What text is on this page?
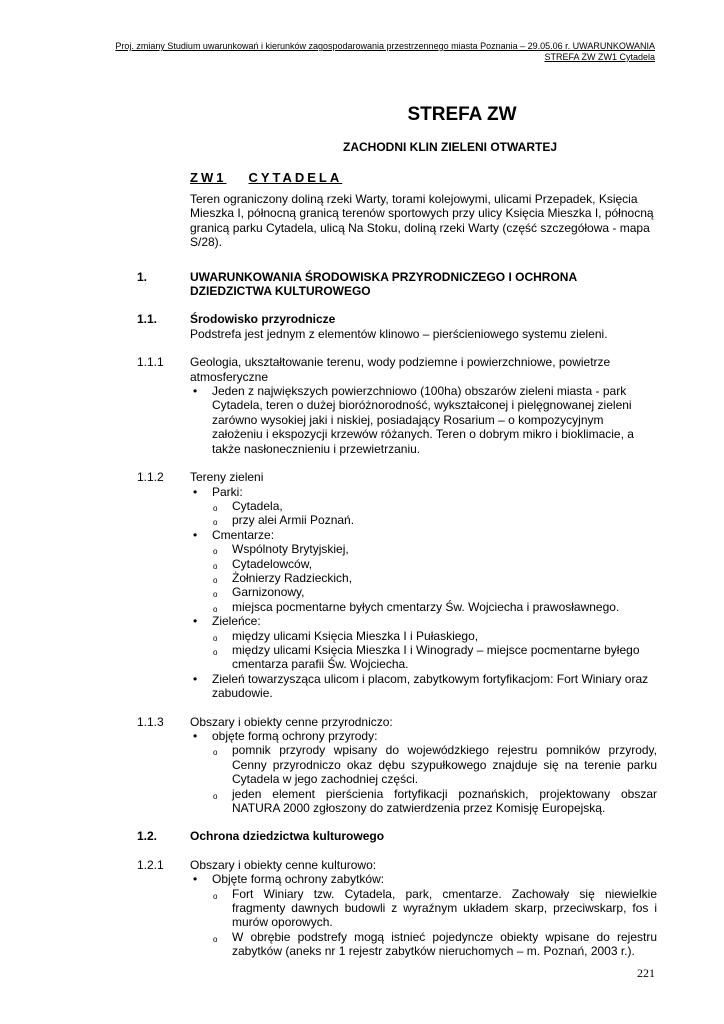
Proj. zmiany Studium uwarunkowań i kierunków zagospodarowania przestrzennego miasta Poznania – 29.05.06 r. UWARUNKOWANIA
STREFA ZW ZW1 Cytadela
STREFA ZW
ZACHODNI KLIN ZIELENI OTWARTEJ
ZW1 CYTADELA
Teren ograniczony doliną rzeki Warty, torami kolejowymi, ulicami Przepadek, Księcia Mieszka I, północną granicą terenów sportowych przy ulicy Księcia Mieszka I, północną granicą parku Cytadela, ulicą Na Stoku, doliną rzeki Warty (część szczegółowa - mapa S/28).
1.	UWARUNKOWANIA ŚRODOWISKA PRZYRODNICZEGO I OCHRONA DZIEDZICTWA KULTUROWEGO
1.1.	Środowisko przyrodnicze
Podstrefa jest jednym z elementów klinowo – pierścieniowego systemu zieleni.
1.1.1	Geologia, ukształtowanie terenu, wody podziemne i powierzchniowe, powietrze atmosferyczne
• Jeden z największych powierzchniowo (100ha) obszarów zieleni miasta - park Cytadela, teren o dużej bioróżnorodność, wykształconej i pielęgnowanej zieleni zarówno wysokiej jaki i niskiej, posiadający Rosarium – o kompozycyjnym założeniu i ekspozycji krzewów różanych. Teren o dobrym mikro i bioklimacie, a także nasłonecznieniu i przewietrzaniu.
1.1.2	Tereny zieleni
• Parki:
o Cytadela,
o przy alei Armii Poznań.
• Cmentarze:
o Wspólnoty Brytyjskiej,
o Cytadelowców,
o Żołnierzy Radzieckich,
o Garnizonowy,
o miejsca pocmentarne byłych cmentarzy Św. Wojciecha i prawosławnego.
• Zieleńce:
o między ulicami Księcia Mieszka I i Pułaskiego,
o między ulicami Księcia Mieszka I i Winogrady – miejsce pocmentarne byłego cmentarza parafii Św. Wojciecha.
• Zieleń towarzysząca ulicom i placom, zabytkowym fortyfikacjom: Fort Winiary oraz zabudowie.
1.1.3	Obszary i obiekty cenne przyrodniczo:
• objęte formą ochrony przyrody:
o pomnik przyrody wpisany do wojewódzkiego rejestru pomników przyrody, Cenny przyrodniczo okaz dębu szypułkowego znajduje się na terenie parku Cytadela w jego zachodniej części.
o jeden element pierścienia fortyfikacji poznańskich, projektowany obszar NATURA 2000 zgłoszony do zatwierdzenia przez Komisję Europejską.
1.2.	Ochrona dziedzictwa kulturowego
1.2.1	Obszary i obiekty cenne kulturowo:
• Objęte formą ochrony zabytków:
o Fort Winiary tzw. Cytadela, park, cmentarze. Zachowały się niewielkie fragmenty dawnych budowli z wyraźnym układem skarp, przeciwskarp, fos i murów oporowych.
o W obrębie podstrefy mogą istnieć pojedyncze obiekty wpisane do rejestru zabytków (aneks nr 1 rejestr zabytków nieruchomych – m. Poznań, 2003 r.).
221
